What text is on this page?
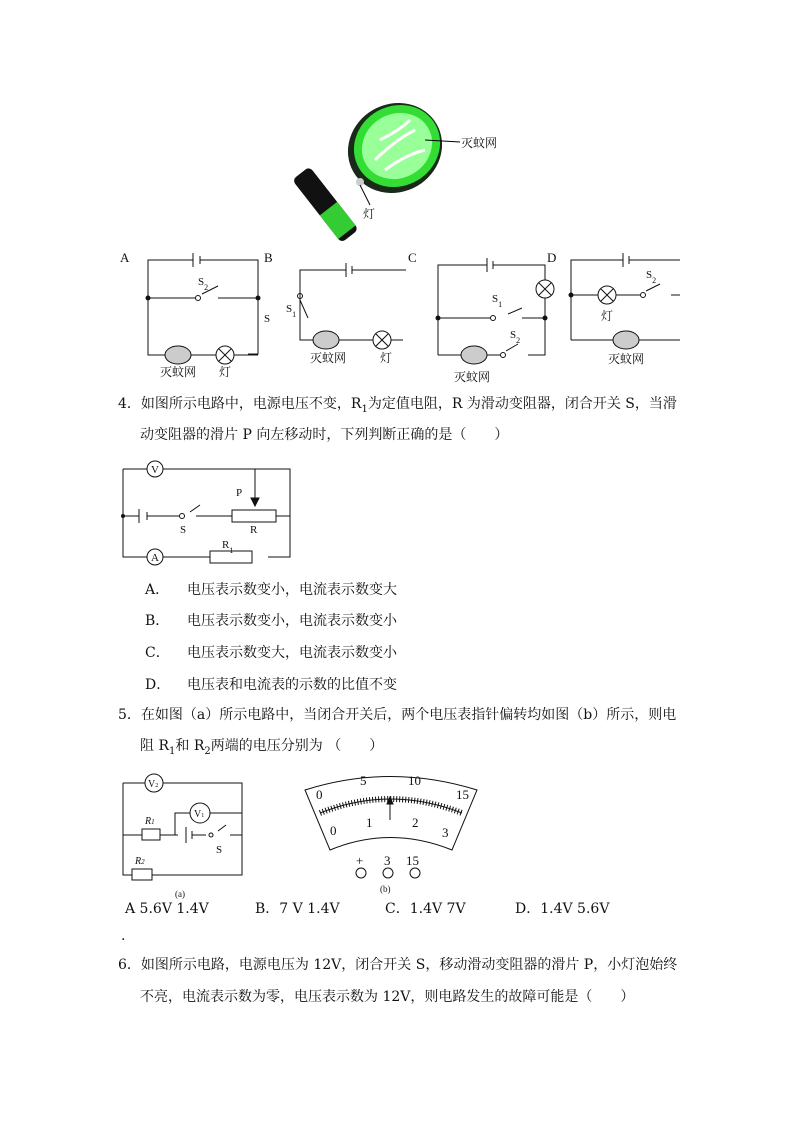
灭蚊网
灯
A	B
$S_2$
S
灭蚊网 灯
C
$S_1$
灭蚊网	灯
D
$S_1$
$S_2$
灭蚊网
$S_2$
灯
灭蚊网
4．如图所示电路中，电源电压不变，$R_1$为定值电阻，R 为滑动变阻器，闭合开关 S，当滑
动变阻器的滑片 P 向左移动时，下列判断正确的是（　　）
V
A
P
S	R
$R_1$
A． 电压表示数变小，电流表示数变大
B． 电压表示数变小，电流表示数变小
C． 电压表示数变大，电流表示数变小
D． 电压表和电流表的示数的比值不变
5．在如图（a）所示电路中，当闭合开关后，两个电压表指针偏转均如图（b）所示，则电
阻 $R_1$和 $R_2$两端的电压分别为 （　　）
V2
V1
R1
R2
S
(a)
0
5	10
15
0
1	2
3
+ 3 15
(b)
A 5.6V 1.4V	B．7 V 1.4V	C．1.4V 7V	D．1.4V 5.6V
.
6．如图所示电路，电源电压为 12V，闭合开关 S，移动滑动变阻器的滑片 P，小灯泡始终
不亮，电流表示数为零，电压表示数为 12V，则电路发生的故障可能是（　　）
